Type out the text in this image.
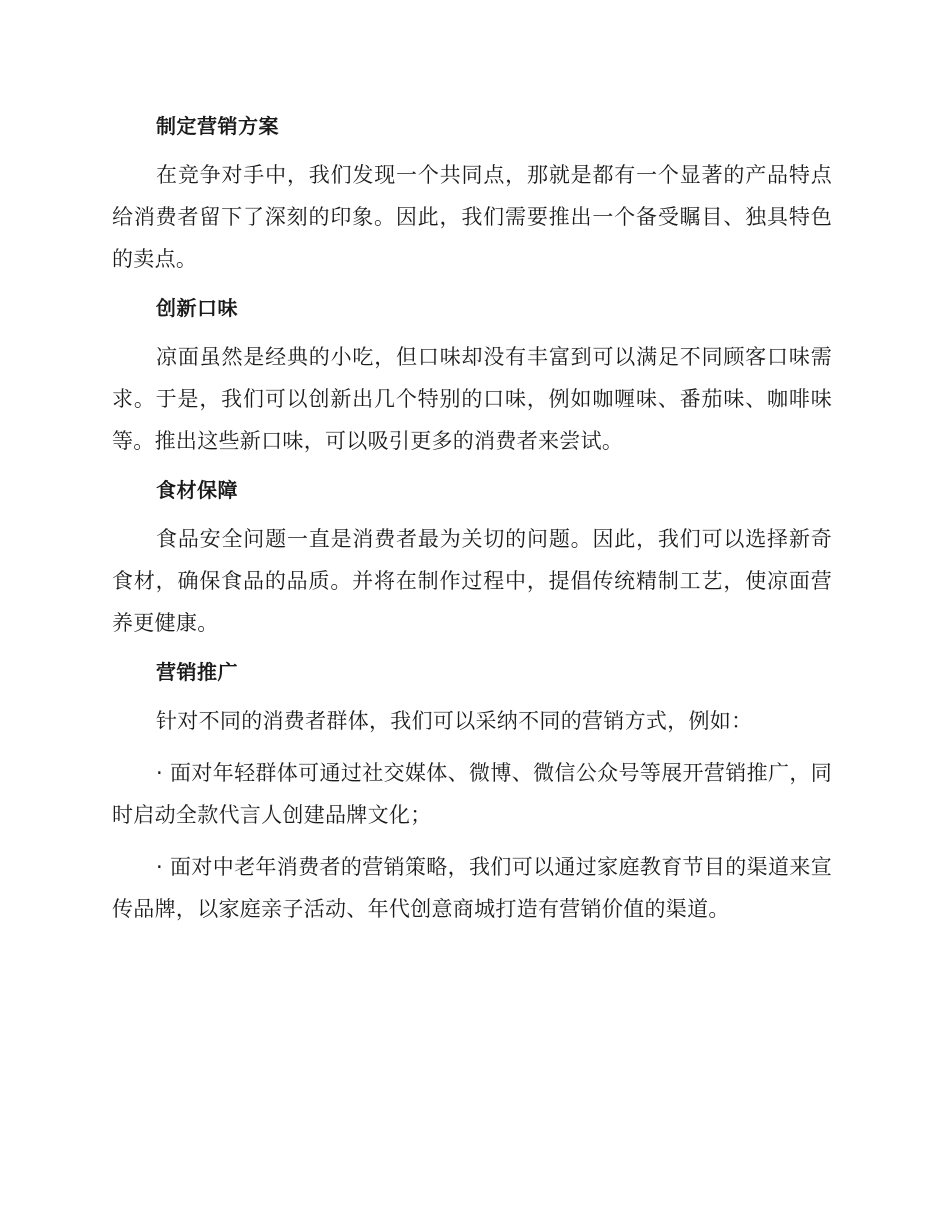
制定营销方案

在竞争对手中，我们发现一个共同点，那就是都有一个显著的产品特点给消费者留下了深刻的印象。因此，我们需要推出一个备受瞩目、独具特色的卖点。

创新口味

凉面虽然是经典的小吃，但口味却没有丰富到可以满足不同顾客口味需求。于是，我们可以创新出几个特别的口味，例如咖喱味、番茄味、咖啡味等。推出这些新口味，可以吸引更多的消费者来尝试。

食材保障

食品安全问题一直是消费者最为关切的问题。因此，我们可以选择新奇食材，确保食品的品质。并将在制作过程中，提倡传统精制工艺，使凉面营养更健康。

营销推广

针对不同的消费者群体，我们可以采纳不同的营销方式，例如：

· 面对年轻群体可通过社交媒体、微博、微信公众号等展开营销推广，同时启动全款代言人创建品牌文化；

· 面对中老年消费者的营销策略，我们可以通过家庭教育节目的渠道来宣传品牌，以家庭亲子活动、年代创意商城打造有营销价值的渠道。
